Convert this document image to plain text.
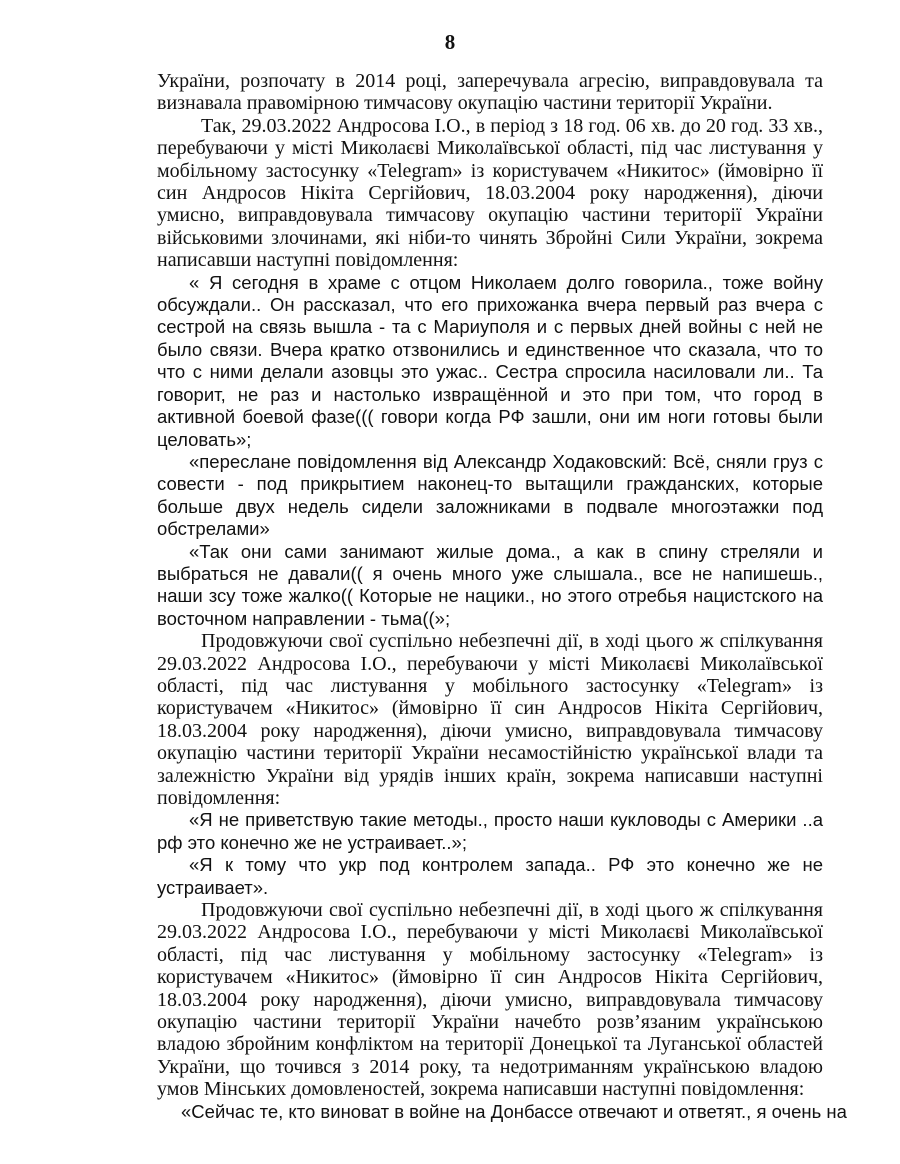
8

України, розпочату в 2014 році, заперечувала агресію, виправдовувала та визнавала правомірною тимчасову окупацію частини території України.

Так, 29.03.2022 Андросова І.О., в період з 18 год. 06 хв. до 20 год. 33 хв., перебуваючи у місті Миколаєві Миколаївської області, під час листування у мобільному застосунку «Telegram» із користувачем «Никитос» (ймовірно її син Андросов Нікіта Сергійович, 18.03.2004 року народження), діючи умисно, виправдовувала тимчасову окупацію частини території України військовими злочинами, які ніби-то чинять Збройні Сили України, зокрема написавши наступні повідомлення:

« Я сегодня в храме с отцом Николаем долго говорила., тоже войну обсуждали.. Он рассказал, что его прихожанка вчера первый раз вчера с сестрой на связь вышла - та с Мариуполя и с первых дней войны с ней не было связи. Вчера кратко отзвонились и единственное что сказала, что то что с ними делали азовцы это ужас.. Сестра спросила насиловали ли.. Та говорит, не раз и настолько извращённой и это при том, что город в активной боевой фазе((( говори когда РФ зашли, они им ноги готовы были целовать»;

«переслане повідомлення від Александр Ходаковский: Всё, сняли груз с совести - под прикрытием наконец-то вытащили гражданских, которые больше двух недель сидели заложниками в подвале многоэтажки под обстрелами»

«Так они сами занимают жилые дома., а как в спину стреляли и выбраться не давали(( я очень много уже слышала., все не напишешь., наши зсу тоже жалко(( Которые не нацики., но этого отребья нацистского на восточном направлении - тьма((»;

Продовжуючи свої суспільно небезпечні дії, в ході цього ж спілкування 29.03.2022 Андросова І.О., перебуваючи у місті Миколаєві Миколаївської області, під час листування у мобільного застосунку «Telegram» із користувачем «Никитос» (ймовірно її син Андросов Нікіта Сергійович, 18.03.2004 року народження), діючи умисно, виправдовувала тимчасову окупацію частини території України несамостійністю української влади та залежністю України від урядів інших країн, зокрема написавши наступні повідомлення:

«Я не приветствую такие методы., просто наши кукловоды с Америки ..а рф это конечно же не устраивает..»;

«Я к тому что укр под контролем запада.. РФ это конечно же не устраивает».

Продовжуючи свої суспільно небезпечні дії, в ході цього ж спілкування 29.03.2022 Андросова І.О., перебуваючи у місті Миколаєві Миколаївської області, під час листування у мобільному застосунку «Telegram» із користувачем «Никитос» (ймовірно її син Андросов Нікіта Сергійович, 18.03.2004 року народження), діючи умисно, виправдовувала тимчасову окупацію частини території України начебто розв’язаним українською владою збройним конфліктом на території Донецької та Луганської областей України, що точився з 2014 року, та недотриманням українською владою умов Мінських домовленостей, зокрема написавши наступні повідомлення:

«Сейчас те, кто виноват в войне на Донбассе отвечают и ответят., я очень на
